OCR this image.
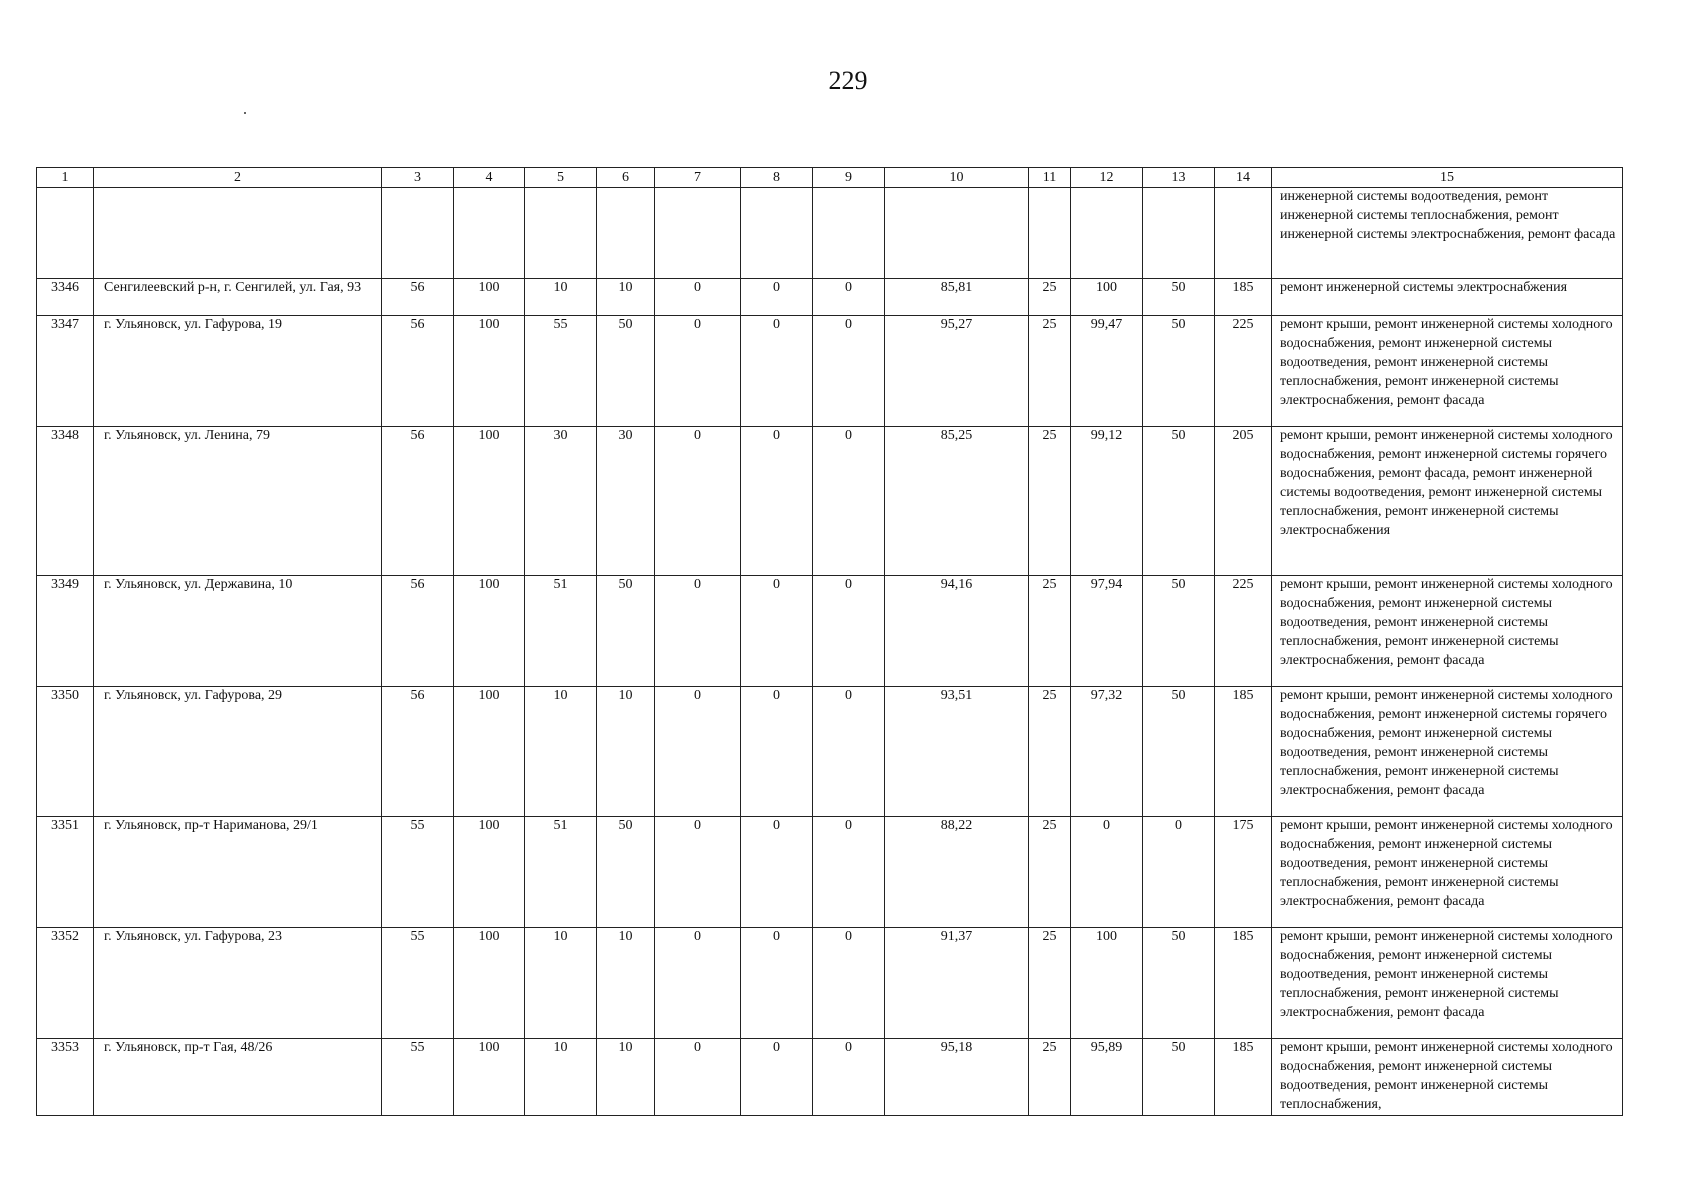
229
1	2	3	4	5	6	7	8	9	10	11	12	13	14	15
														инженерной системы водоотведения, ремонт инженерной системы теплоснабжения, ремонт инженерной системы электроснабжения, ремонт фасада
3346	Сенгилеевский р-н, г. Сенгилей, ул. Гая, 93	56	100	10	10	0	0	0	85,81	25	100	50	185	ремонт инженерной системы электроснабжения
3347	г. Ульяновск, ул. Гафурова, 19	56	100	55	50	0	0	0	95,27	25	99,47	50	225	ремонт крыши, ремонт инженерной системы холодного водоснабжения, ремонт инженерной системы водоотведения, ремонт инженерной системы теплоснабжения, ремонт инженерной системы электроснабжения, ремонт фасада
3348	г. Ульяновск, ул. Ленина, 79	56	100	30	30	0	0	0	85,25	25	99,12	50	205	ремонт крыши, ремонт инженерной системы холодного водоснабжения, ремонт инженерной системы горячего водоснабжения, ремонт фасада, ремонт инженерной системы водоотведения, ремонт инженерной системы теплоснабжения, ремонт инженерной системы электроснабжения
3349	г. Ульяновск, ул. Державина, 10	56	100	51	50	0	0	0	94,16	25	97,94	50	225	ремонт крыши, ремонт инженерной системы холодного водоснабжения, ремонт инженерной системы водоотведения, ремонт инженерной системы теплоснабжения, ремонт инженерной системы электроснабжения, ремонт фасада
3350	г. Ульяновск, ул. Гафурова, 29	56	100	10	10	0	0	0	93,51	25	97,32	50	185	ремонт крыши, ремонт инженерной системы холодного водоснабжения, ремонт инженерной системы горячего водоснабжения, ремонт инженерной системы водоотведения, ремонт инженерной системы теплоснабжения, ремонт инженерной системы электроснабжения, ремонт фасада
3351	г. Ульяновск, пр-т Нариманова, 29/1	55	100	51	50	0	0	0	88,22	25	0	0	175	ремонт крыши, ремонт инженерной системы холодного водоснабжения, ремонт инженерной системы водоотведения, ремонт инженерной системы теплоснабжения, ремонт инженерной системы электроснабжения, ремонт фасада
3352	г. Ульяновск, ул. Гафурова, 23	55	100	10	10	0	0	0	91,37	25	100	50	185	ремонт крыши, ремонт инженерной системы холодного водоснабжения, ремонт инженерной системы водоотведения, ремонт инженерной системы теплоснабжения, ремонт инженерной системы электроснабжения, ремонт фасада
3353	г. Ульяновск, пр-т Гая, 48/26	55	100	10	10	0	0	0	95,18	25	95,89	50	185	ремонт крыши, ремонт инженерной системы холодного водоснабжения, ремонт инженерной системы водоотведения, ремонт инженерной системы теплоснабжения,
